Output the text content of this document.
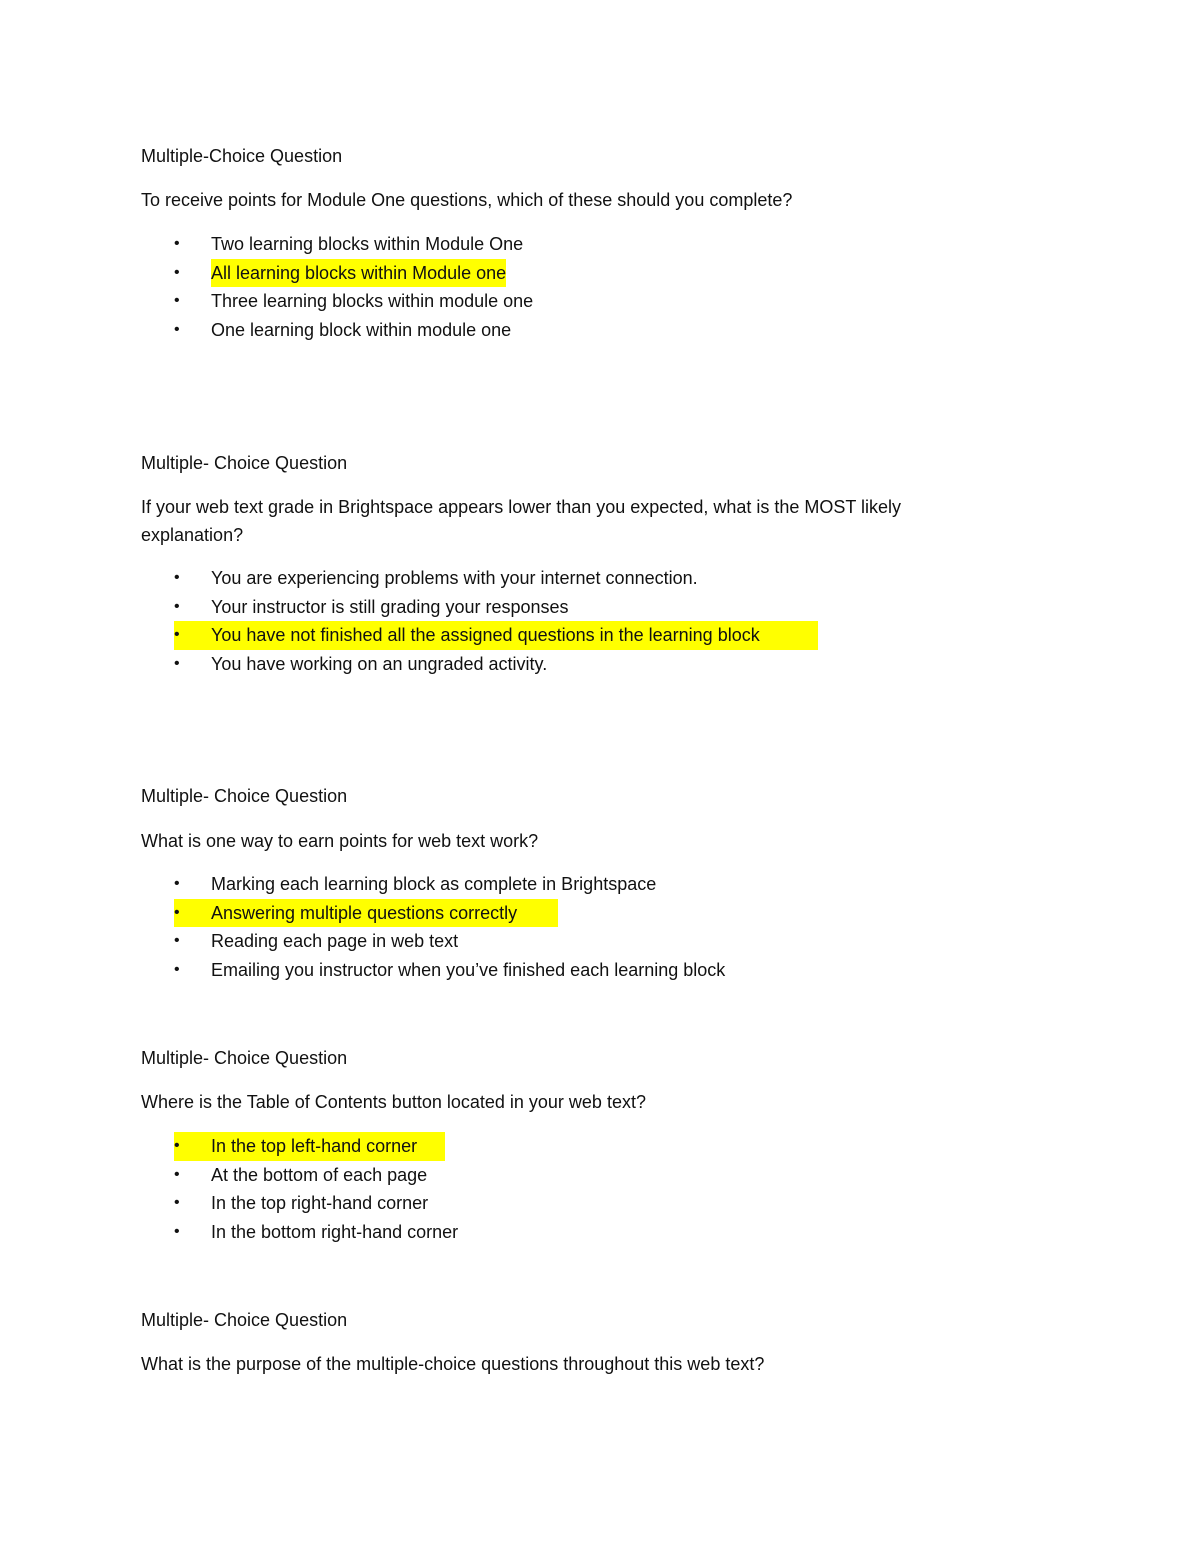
Multiple-Choice Question

To receive points for Module One questions, which of these should you complete?

•	Two learning blocks within Module One
•	All learning blocks within Module one
•	Three learning blocks within module one
•	One learning block within module one

Multiple- Choice Question

If your web text grade in Brightspace appears lower than you expected, what is the MOST likely explanation?

•	You are experiencing problems with your internet connection.
•	Your instructor is still grading your responses
•	You have not finished all the assigned questions in the learning block
•	You have working on an ungraded activity.

Multiple- Choice Question

What is one way to earn points for web text work?

•	Marking each learning block as complete in Brightspace
•	Answering multiple questions correctly
•	Reading each page in web text
•	Emailing you instructor when you’ve finished each learning block

Multiple- Choice Question

Where is the Table of Contents button located in your web text?

•	In the top left-hand corner
•	At the bottom of each page
•	In the top right-hand corner
•	In the bottom right-hand corner

Multiple- Choice Question

What is the purpose of the multiple-choice questions throughout this web text?
